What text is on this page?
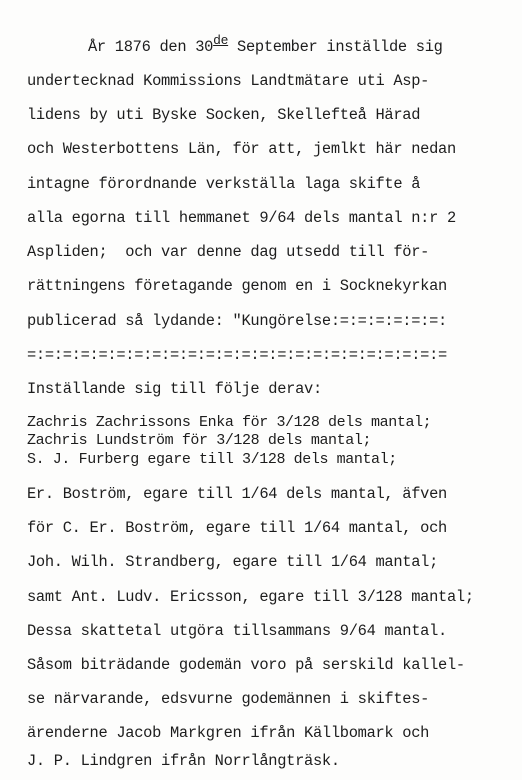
År 1876 den 30de September inställde sig
undertecknad Kommissions Landtmätare uti Asp-
lidens by uti Byske Socken, Skellefteå Härad
och Westerbottens Län, för att, jemlkt här nedan
intagne förordnande verkställa laga skifte å
alla egorna till hemmanet 9/64 dels mantal n:r 2
Aspliden;  och var denne dag utsedd till för-
rättningens företagande genom en i Socknekyrkan
publicerad så lydande: "Kungörelse:=:=:=:=:=:=:
=:=:=:=:=:=:=:=:=:=:=:=:=:=:=:=:=:=:=:=:=:=:=:=
Inställande sig till följe derav:
Zachris Zachrissons Enka för 3/128 dels mantal;
Zachris Lundström för 3/128 dels mantal;
S. J. Furberg egare till 3/128 dels mantal;
Er. Boström, egare till 1/64 dels mantal, äfven
för C. Er. Boström, egare till 1/64 mantal, och
Joh. Wilh. Strandberg, egare till 1/64 mantal;
samt Ant. Ludv. Ericsson, egare till 3/128 mantal;
Dessa skattetal utgöra tillsammans 9/64 mantal.
Såsom biträdande godemän voro på serskild kallel-
se närvarande, edsvurne godemännen i skiftes-
ärenderne Jacob Markgren ifrån Källbomark och
J. P. Lindgren ifrån Norrlångträsk.
